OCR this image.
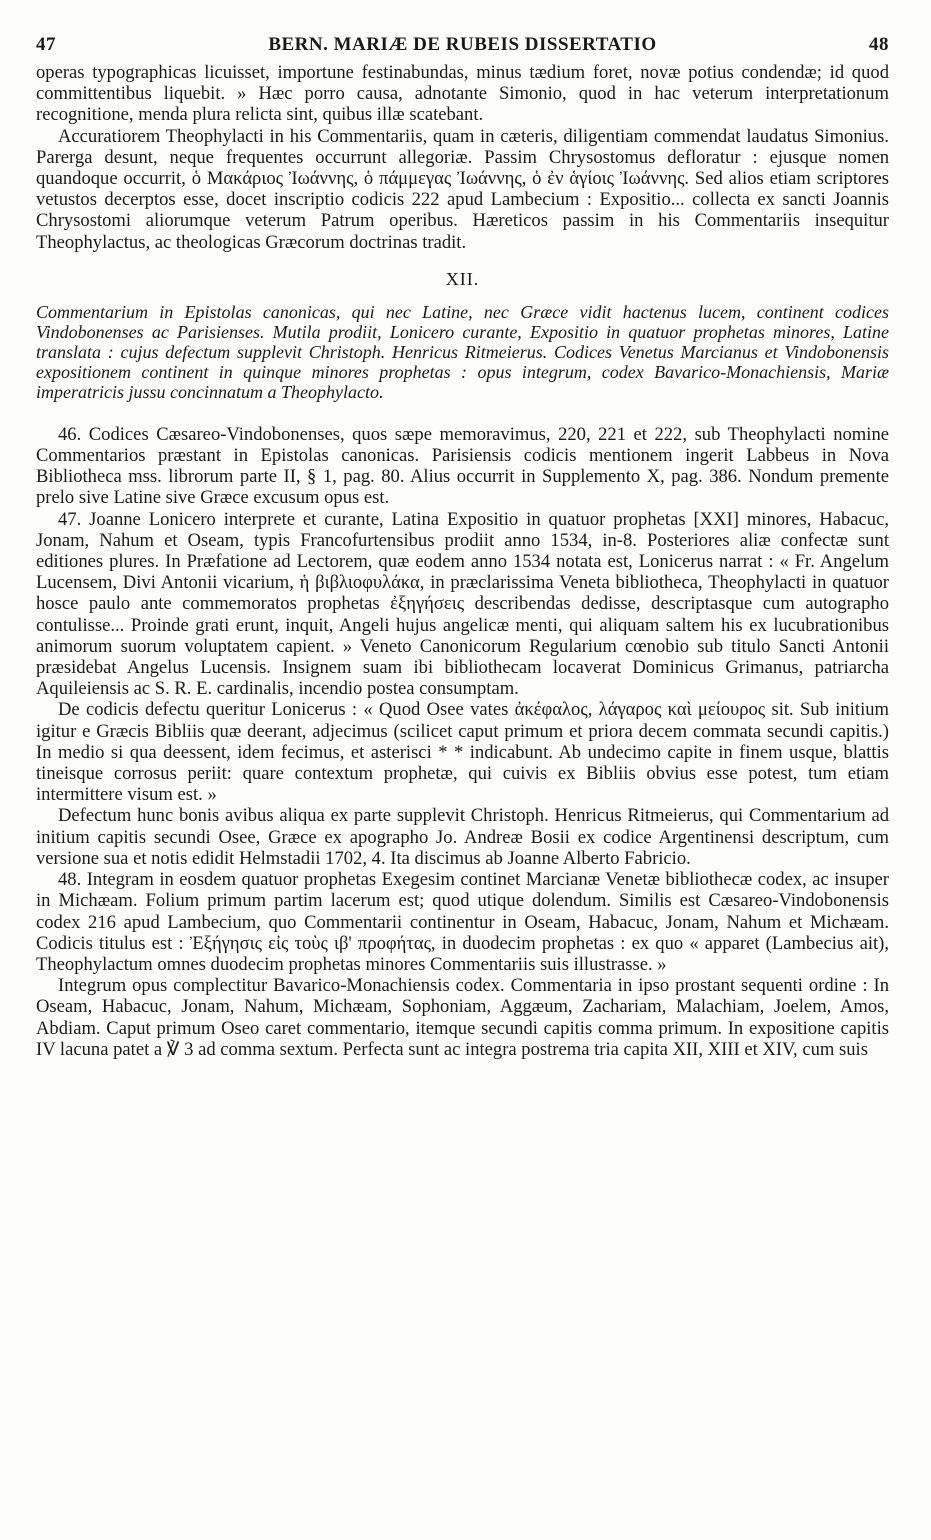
47	BERN. MARIÆ DE RUBEIS DISSERTATIO	48

operas typographicas licuisset, importune festinabundas, minus tædium foret, novæ potius condendæ; id quod committentibus liquebit. » Hæc porro causa, adnotante Simonio, quod in hac veterum interpretationum recognitione, menda plura relicta sint, quibus illæ scatebant.

Accuratiorem Theophylacti in his Commentariis, quam in cæteris, diligentiam commendat laudatus Simonius. Parerga desunt, neque frequentes occurrunt allegoriæ. Passim Chrysostomus defloratur : ejusque nomen quandoque occurrit, ὁ Μακάριος Ἰωάννης, ὁ πάμμεγας Ἰωάννης, ὁ ἐν ἁγίοις Ἰωάννης. Sed alios etiam scriptores vetustos decerptos esse, docet inscriptio codicis 222 apud Lambecium : Expositio... collecta ex sancti Joannis Chrysostomi aliorumque veterum Patrum operibus. Hæreticos passim in his Commentariis insequitur Theophylactus, ac theologicas Græcorum doctrinas tradit.

XII.

Commentarium in Epistolas canonicas, qui nec Latine, nec Græce vidit hactenus lucem, continent codices Vindobonenses ac Parisienses. Mutila prodiit, Lonicero curante, Expositio in quatuor prophetas minores, Latine translata : cujus defectum supplevit Christoph. Henricus Ritmeierus. Codices Venetus Marcianus et Vindobonensis expositionem continent in quinque minores prophetas : opus integrum, codex Bavarico-Monachiensis, Mariæ imperatricis jussu concinnatum a Theophylacto.

46. Codices Cæsareo-Vindobonenses, quos sæpe memoravimus, 220, 221 et 222, sub Theophylacti nomine Commentarios præstant in Epistolas canonicas. Parisiensis codicis mentionem ingerit Labbeus in Nova Bibliotheca mss. librorum parte II, § 1, pag. 80. Alius occurrit in Supplemento X, pag. 386. Nondum premente prelo sive Latine sive Græce excusum opus est.

47. Joanne Lonicero interprete et curante, Latina Expositio in quatuor prophetas [XXI] minores, Habacuc, Jonam, Nahum et Oseam, typis Francofurtensibus prodiit anno 1534, in-8. Posteriores aliæ confectæ sunt editiones plures. In Præfatione ad Lectorem, quæ eodem anno 1534 notata est, Lonicerus narrat : « Fr. Angelum Lucensem, Divi Antonii vicarium, ἡ βιβλιοφυλάκα, in præclarissima Veneta bibliotheca, Theophylacti in quatuor hosce paulo ante commemoratos prophetas ἐξηγήσεις describendas dedisse, descriptasque cum autographo contulisse... Proinde grati erunt, inquit, Angeli hujus angelicæ menti, qui aliquam saltem his ex lucubrationibus animorum suorum voluptatem capient. » Veneto Canonicorum Regularium cœnobio sub titulo Sancti Antonii præsidebat Angelus Lucensis. Insignem suam ibi bibliothecam locaverat Dominicus Grimanus, patriarcha Aquileiensis ac S. R. E. cardinalis, incendio postea consumptam.

De codicis defectu queritur Lonicerus : « Quod Osee vates ἀκέφαλος, λάγαρος καὶ μείουρος sit. Sub initium igitur e Græcis Bibliis quæ deerant, adjecimus (scilicet caput primum et priora decem commata secundi capitis.) In medio si qua deessent, idem fecimus, et asterisci * * indicabunt. Ab undecimo capite in finem usque, blattis tineisque corrosus periit: quare contextum prophetæ, qui cuivis ex Bibliis obvius esse potest, tum etiam intermittere visum est. »

Defectum hunc bonis avibus aliqua ex parte supplevit Christoph. Henricus Ritmeierus, qui Commentarium ad initium capitis secundi Osee, Græce ex apographo Jo. Andreæ Bosii ex codice Argentinensi descriptum, cum versione sua et notis edidit Helmstadii 1702, 4. Ita discimus ab Joanne Alberto Fabricio.

48. Integram in eosdem quatuor prophetas Exegesim continet Marcianæ Venetæ bibliothecæ codex, ac insuper in Michæam. Folium primum partim lacerum est; quod utique dolendum. Similis est Cæsareo-Vindobonensis codex 216 apud Lambecium, quo Commentarii continentur in Oseam, Habacuc, Jonam, Nahum et Michæam. Codicis titulus est : Ἐξήγησις εἰς τοὺς ιβ' προφήτας, in duodecim prophetas : ex quo « apparet (Lambecius ait), Theophylactum omnes duodecim prophetas minores Commentariis suis illustrasse. »

Integrum opus complectitur Bavarico-Monachiensis codex. Commentaria in ipso prostant sequenti ordine : In Oseam, Habacuc, Jonam, Nahum, Michæam, Sophoniam, Aggæum, Zachariam, Malachiam, Joelem, Amos, Abdiam. Caput primum Oseo caret commentario, itemque secundi capitis comma primum. In expositione capitis IV lacuna patet a ℣ 3 ad comma sextum. Perfecta sunt ac integra postrema tria capita XII, XIII et XIV, cum suis
